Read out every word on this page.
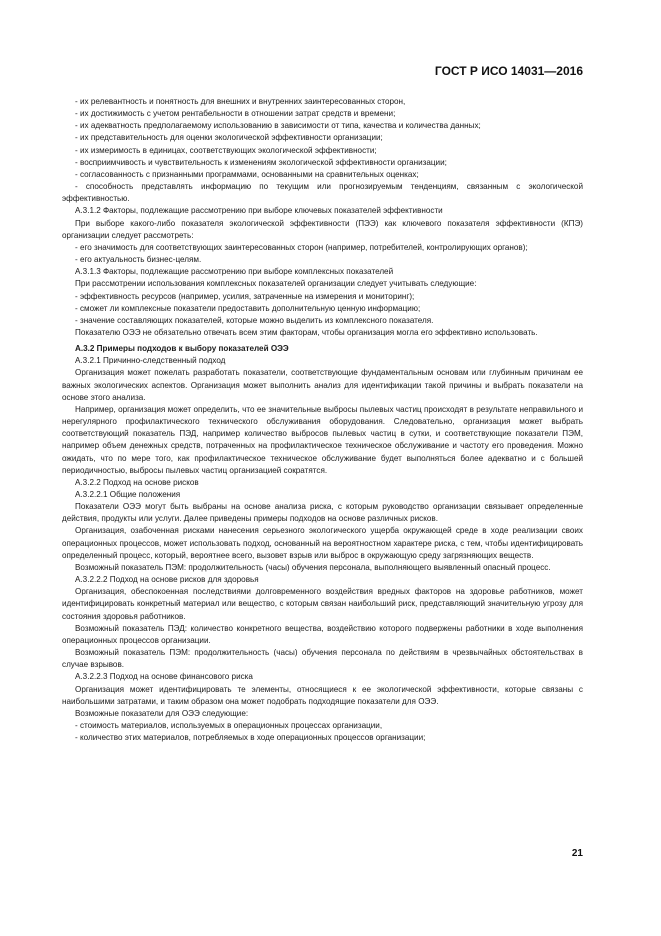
ГОСТ Р ИСО 14031—2016

- их релевантность и понятность для внешних и внутренних заинтересованных сторон,

- их достижимость с учетом рентабельности в отношении затрат средств и времени;

- их адекватность предполагаемому использованию в зависимости от типа, качества и количества данных;

- их представительность для оценки экологической эффективности организации;

- их измеримость в единицах, соответствующих экологической эффективности;

- восприимчивость и чувствительность к изменениям экологической эффективности организации;

- согласованность с признанными программами, основанными на сравнительных оценках;

- способность представлять информацию по текущим или прогнозируемым тенденциям, связанным с экологической эффективностью.

А.3.1.2 Факторы, подлежащие рассмотрению при выборе ключевых показателей эффективности

При выборе какого-либо показателя экологической эффективности (ПЭЭ) как ключевого показателя эффективности (КПЭ) организации следует рассмотреть:

- его значимость для соответствующих заинтересованных сторон (например, потребителей, контролирующих органов);

- его актуальность бизнес-целям.

А.3.1.3 Факторы, подлежащие рассмотрению при выборе комплексных показателей

При рассмотрении использования комплексных показателей организации следует учитывать следующие:

- эффективность ресурсов (например, усилия, затраченные на измерения и мониторинг);

- сможет ли комплексные показатели предоставить дополнительную ценную информацию;

- значение составляющих показателей, которые можно выделить из комплексного показателя.

Показателю ОЭЭ не обязательно отвечать всем этим факторам, чтобы организация могла его эффективно использовать.

А.3.2 Примеры подходов к выбору показателей ОЭЭ

А.3.2.1 Причинно-следственный подход

Организация может пожелать разработать показатели, соответствующие фундаментальным основам или глубинным причинам ее важных экологических аспектов. Организация может выполнить анализ для идентификации такой причины и выбрать показатели на основе этого анализа.

Например, организация может определить, что ее значительные выбросы пылевых частиц происходят в результате неправильного и нерегулярного профилактического технического обслуживания оборудования. Следовательно, организация может выбрать соответствующий показатель ПЭД, например количество выбросов пылевых частиц в сутки, и соответствующие показатели ПЭМ, например объем денежных средств, потраченных на профилактическое техническое обслуживание и частоту его проведения. Можно ожидать, что по мере того, как профилактическое техническое обслуживание будет выполняться более адекватно и с большей периодичностью, выбросы пылевых частиц организацией сократятся.

А.3.2.2 Подход на основе рисков

А.3.2.2.1 Общие положения

Показатели ОЭЭ могут быть выбраны на основе анализа риска, с которым руководство организации связывает определенные действия, продукты или услуги. Далее приведены примеры подходов на основе различных рисков.

Организация, озабоченная рисками нанесения серьезного экологического ущерба окружающей среде в ходе реализации своих операционных процессов, может использовать подход, основанный на вероятностном характере риска, с тем, чтобы идентифицировать определенный процесс, который, вероятнее всего, вызовет взрыв или выброс в окружающую среду загрязняющих веществ.

Возможный показатель ПЭМ: продолжительность (часы) обучения персонала, выполняющего выявленный опасный процесс.

А.3.2.2.2 Подход на основе рисков для здоровья

Организация, обеспокоенная последствиями долговременного воздействия вредных факторов на здоровье работников, может идентифицировать конкретный материал или вещество, с которым связан наибольший риск, представляющий значительную угрозу для состояния здоровья работников.

Возможный показатель ПЭД: количество конкретного вещества, воздействию которого подвержены работники в ходе выполнения операционных процессов организации.

Возможный показатель ПЭМ: продолжительность (часы) обучения персонала по действиям в чрезвычайных обстоятельствах в случае взрывов.

А.3.2.2.3 Подход на основе финансового риска

Организация может идентифицировать те элементы, относящиеся к ее экологической эффективности, которые связаны с наибольшими затратами, и таким образом она может подобрать подходящие показатели для ОЭЭ.

Возможные показатели для ОЭЭ следующие:

- стоимость материалов, используемых в операционных процессах организации,

- количество этих материалов, потребляемых в ходе операционных процессов организации;

21
